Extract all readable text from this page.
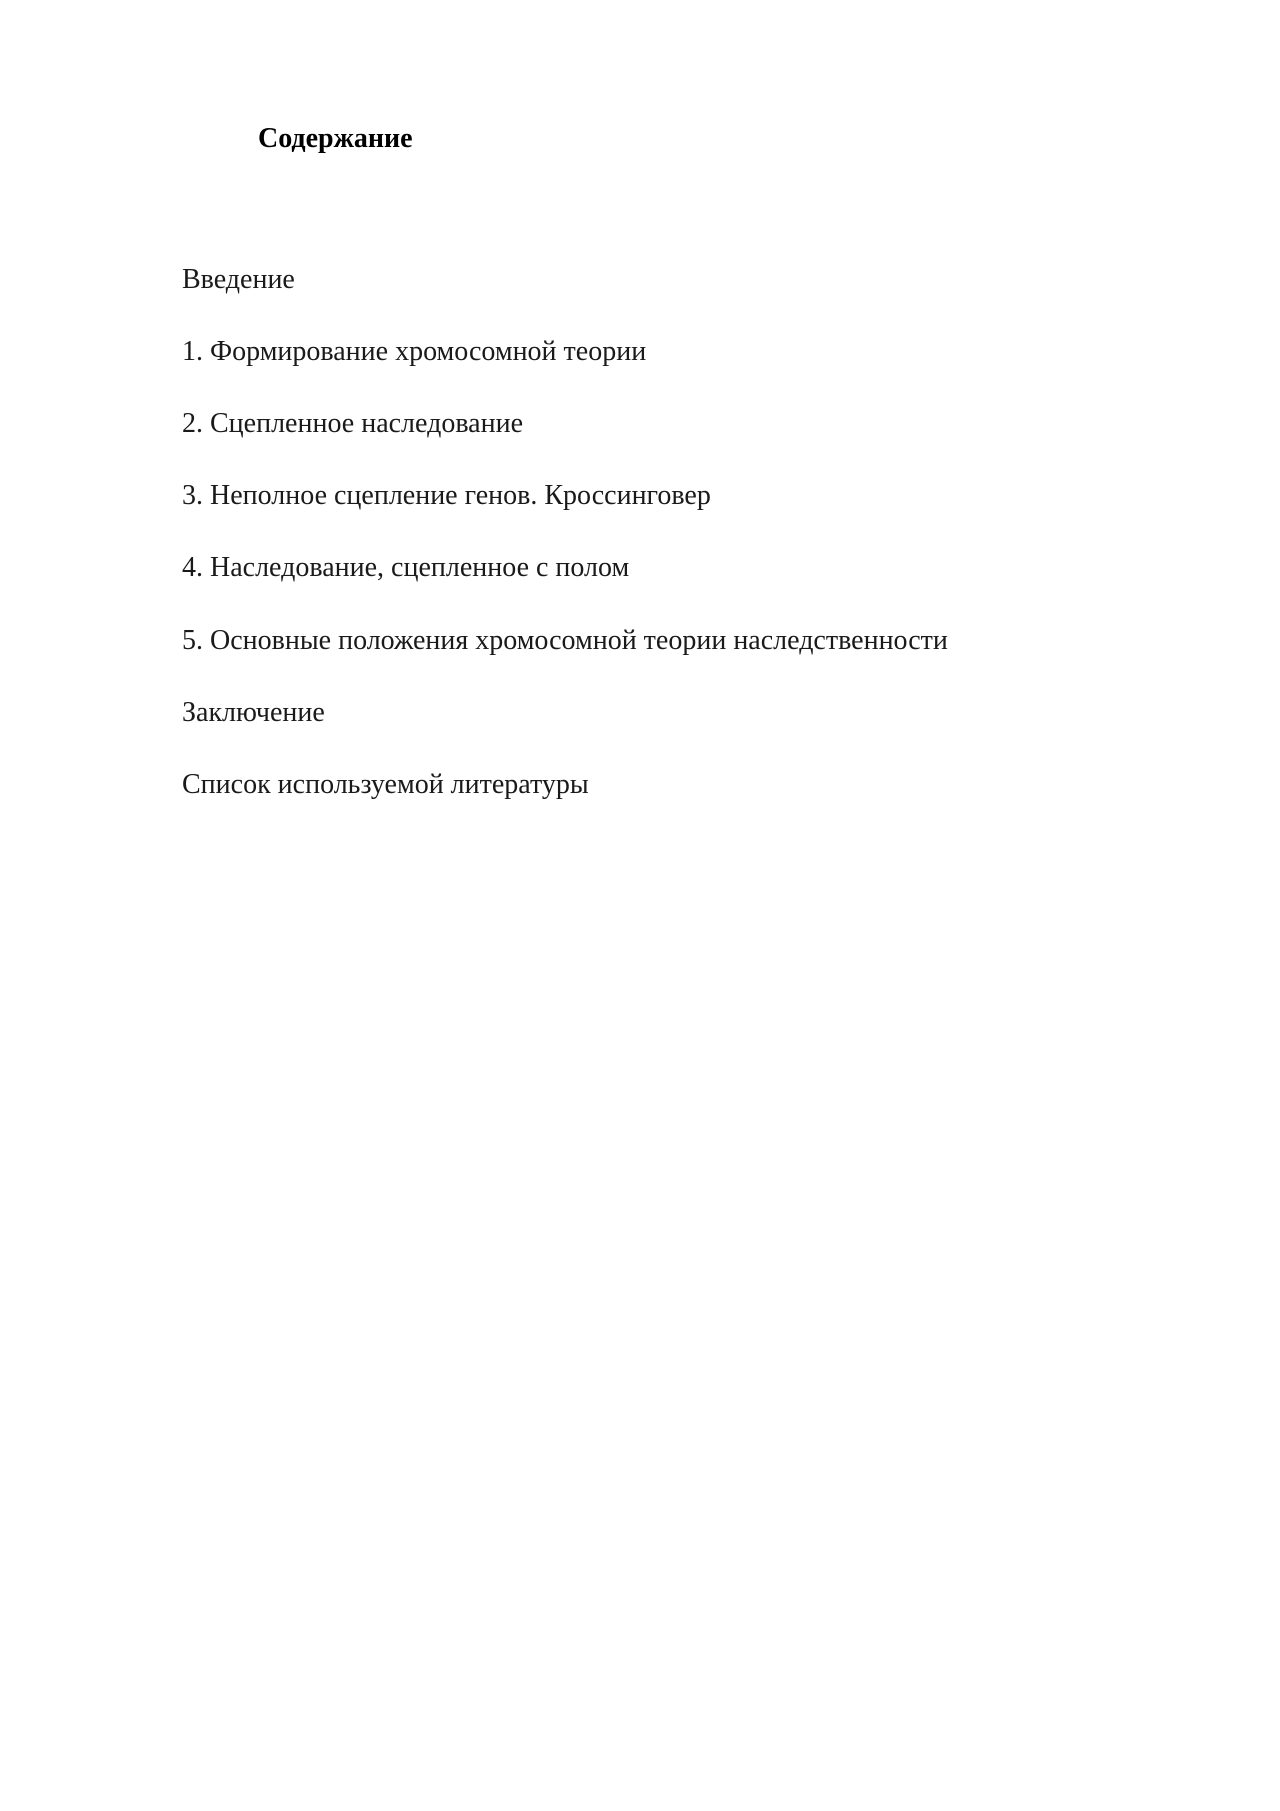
Содержание
Введение
1. Формирование хромосомной теории
2. Сцепленное наследование
3. Неполное сцепление генов. Кроссинговер
4. Наследование, сцепленное с полом
5. Основные положения хромосомной теории наследственности
Заключение
Список используемой литературы
